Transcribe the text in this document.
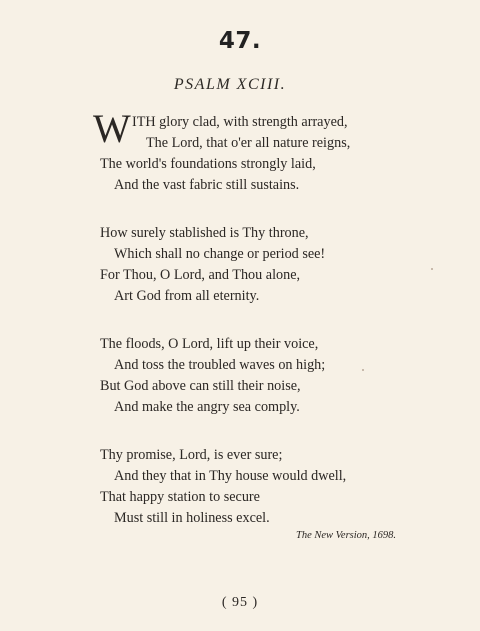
47.
PSALM XCIII.
W ITH glory clad, with strength arrayed,
The Lord, that o'er all nature reigns,
The world's foundations strongly laid,
And the vast fabric still sustains.
How surely stablished is Thy throne,
Which shall no change or period see!
For Thou, O Lord, and Thou alone,
Art God from all eternity.
The floods, O Lord, lift up their voice,
And toss the troubled waves on high;
But God above can still their noise,
And make the angry sea comply.
Thy promise, Lord, is ever sure;
And they that in Thy house would dwell,
That happy station to secure
Must still in holiness excel.
The New Version, 1698.
( 95 )
